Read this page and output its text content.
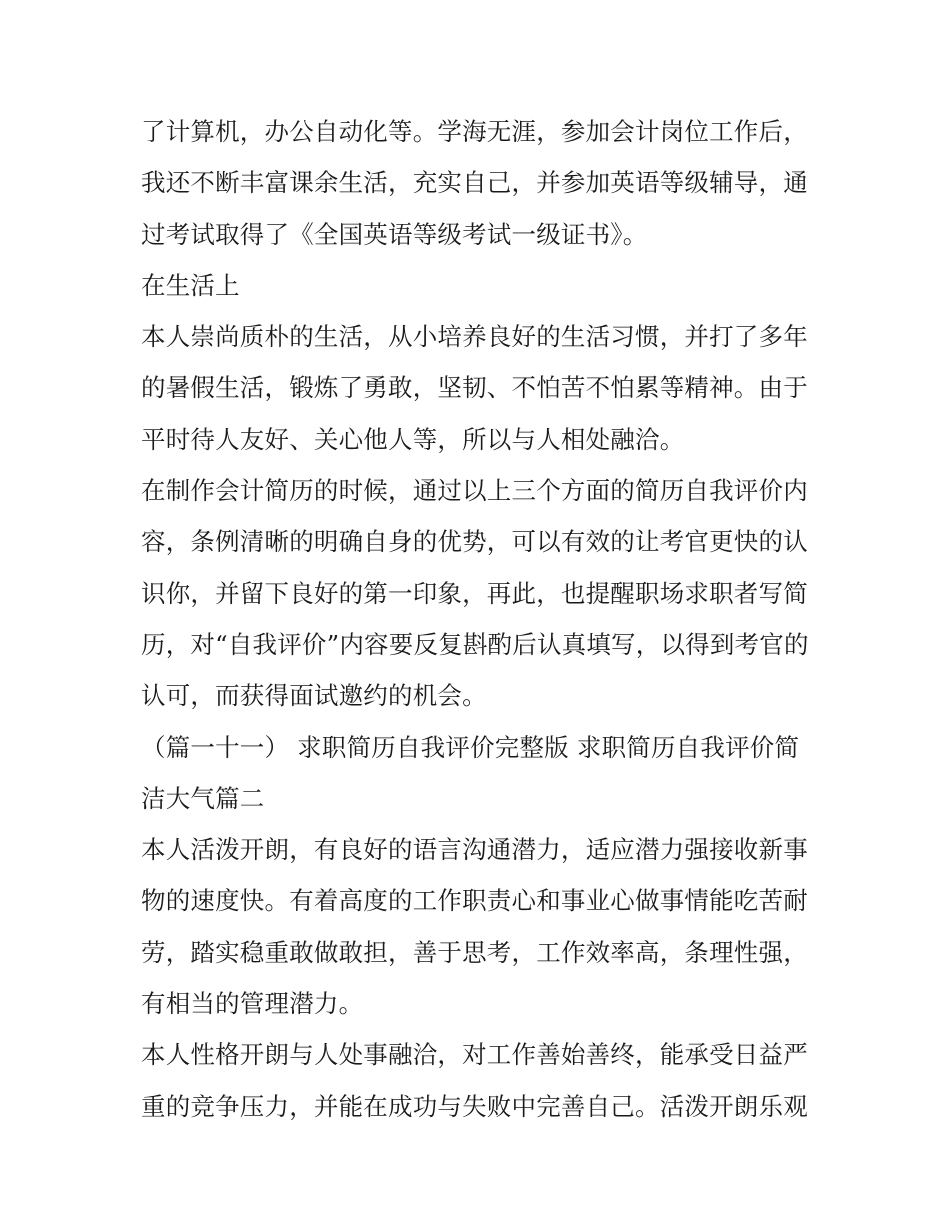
了计算机，办公自动化等。学海无涯，参加会计岗位工作后，
我还不断丰富课余生活，充实自己，并参加英语等级辅导，通
过考试取得了《全国英语等级考试一级证书》。
在生活上
本人崇尚质朴的生活，从小培养良好的生活习惯，并打了多年
的暑假生活，锻炼了勇敢，坚韧、不怕苦不怕累等精神。由于
平时待人友好、关心他人等，所以与人相处融洽。
在制作会计简历的时候，通过以上三个方面的简历自我评价内
容，条例清晰的明确自身的优势，可以有效的让考官更快的认
识你，并留下良好的第一印象，再此，也提醒职场求职者写简
历，对“自我评价”内容要反复斟酌后认真填写，以得到考官的
认可，而获得面试邀约的机会。
（篇一十一） 求职简历自我评价完整版 求职简历自我评价简
洁大气篇二
本人活泼开朗，有良好的语言沟通潜力，适应潜力强接收新事
物的速度快。有着高度的工作职责心和事业心做事情能吃苦耐
劳，踏实稳重敢做敢担，善于思考，工作效率高，条理性强，
有相当的管理潜力。
本人性格开朗与人处事融洽，对工作善始善终，能承受日益严
重的竞争压力，并能在成功与失败中完善自己。活泼开朗乐观
